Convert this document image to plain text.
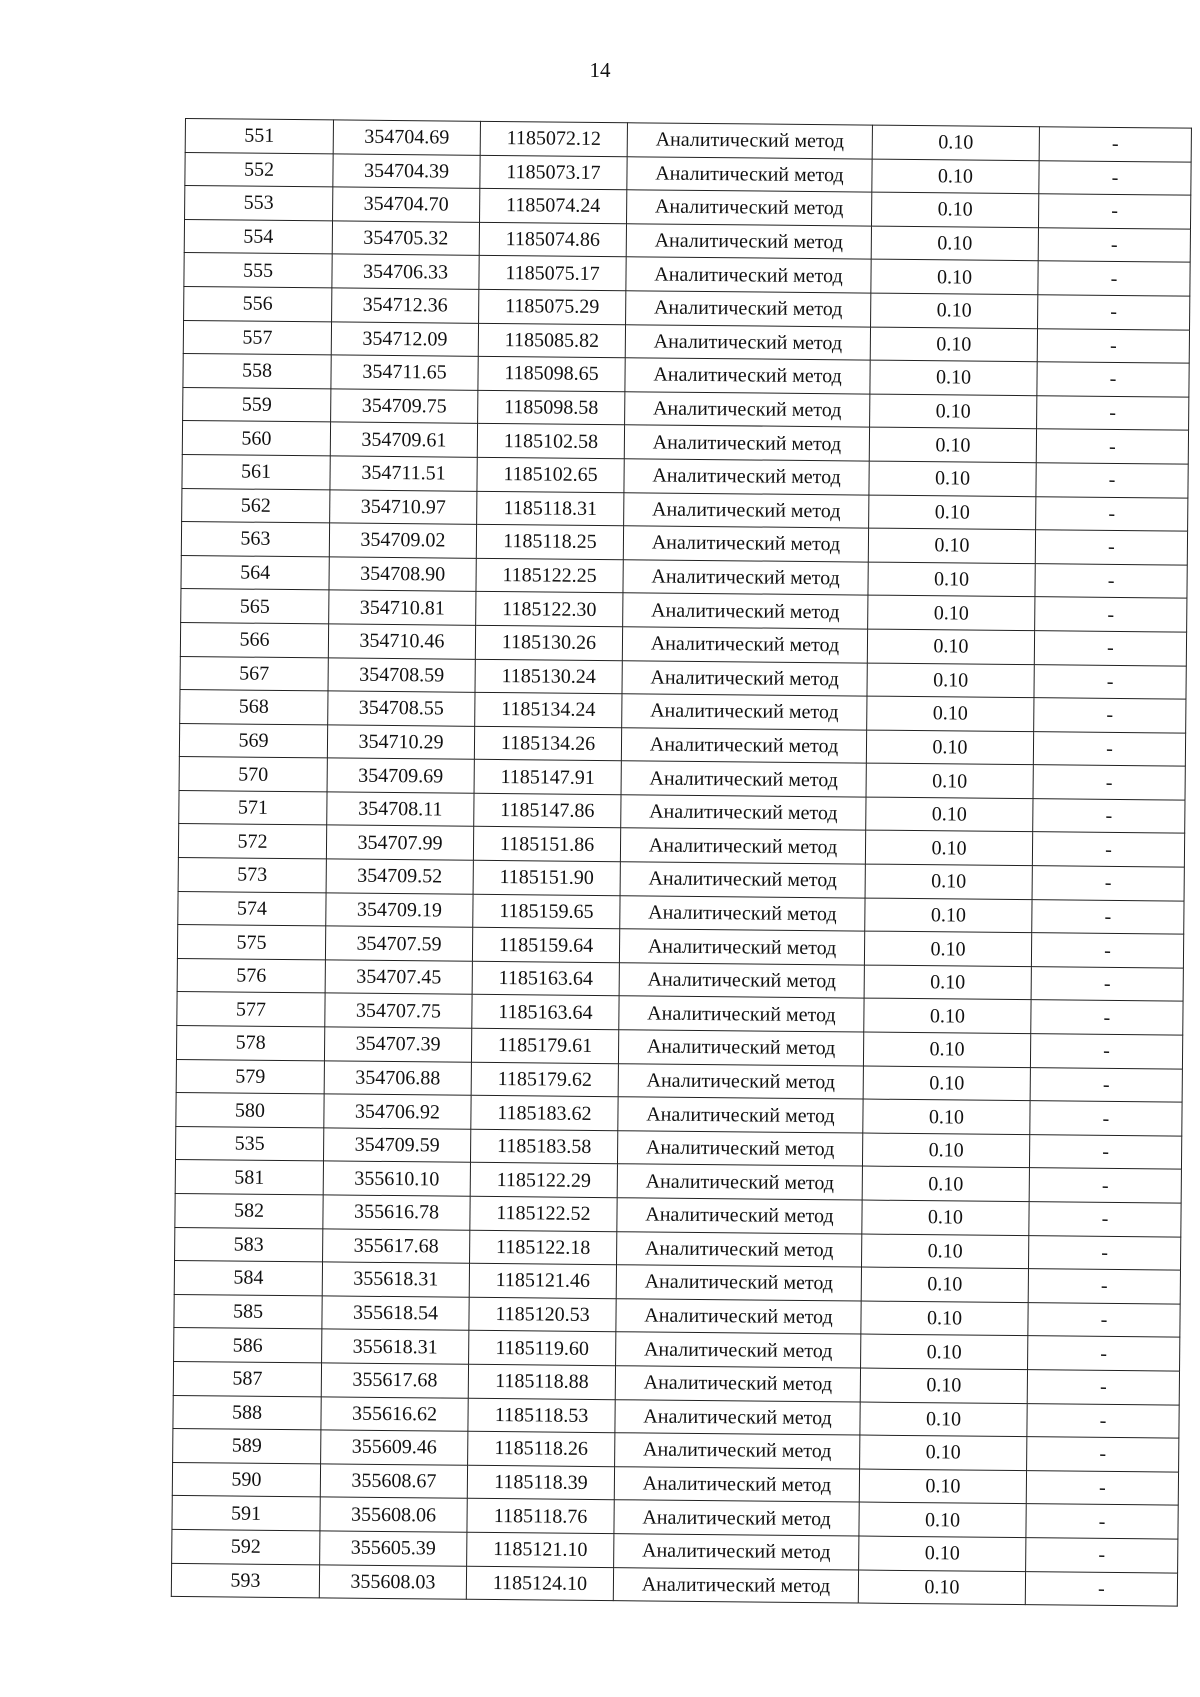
14
551	354704.69	1185072.12	Аналитический метод	0.10	-
552	354704.39	1185073.17	Аналитический метод	0.10	-
553	354704.70	1185074.24	Аналитический метод	0.10	-
554	354705.32	1185074.86	Аналитический метод	0.10	-
555	354706.33	1185075.17	Аналитический метод	0.10	-
556	354712.36	1185075.29	Аналитический метод	0.10	-
557	354712.09	1185085.82	Аналитический метод	0.10	-
558	354711.65	1185098.65	Аналитический метод	0.10	-
559	354709.75	1185098.58	Аналитический метод	0.10	-
560	354709.61	1185102.58	Аналитический метод	0.10	-
561	354711.51	1185102.65	Аналитический метод	0.10	-
562	354710.97	1185118.31	Аналитический метод	0.10	-
563	354709.02	1185118.25	Аналитический метод	0.10	-
564	354708.90	1185122.25	Аналитический метод	0.10	-
565	354710.81	1185122.30	Аналитический метод	0.10	-
566	354710.46	1185130.26	Аналитический метод	0.10	-
567	354708.59	1185130.24	Аналитический метод	0.10	-
568	354708.55	1185134.24	Аналитический метод	0.10	-
569	354710.29	1185134.26	Аналитический метод	0.10	-
570	354709.69	1185147.91	Аналитический метод	0.10	-
571	354708.11	1185147.86	Аналитический метод	0.10	-
572	354707.99	1185151.86	Аналитический метод	0.10	-
573	354709.52	1185151.90	Аналитический метод	0.10	-
574	354709.19	1185159.65	Аналитический метод	0.10	-
575	354707.59	1185159.64	Аналитический метод	0.10	-
576	354707.45	1185163.64	Аналитический метод	0.10	-
577	354707.75	1185163.64	Аналитический метод	0.10	-
578	354707.39	1185179.61	Аналитический метод	0.10	-
579	354706.88	1185179.62	Аналитический метод	0.10	-
580	354706.92	1185183.62	Аналитический метод	0.10	-
535	354709.59	1185183.58	Аналитический метод	0.10	-
581	355610.10	1185122.29	Аналитический метод	0.10	-
582	355616.78	1185122.52	Аналитический метод	0.10	-
583	355617.68	1185122.18	Аналитический метод	0.10	-
584	355618.31	1185121.46	Аналитический метод	0.10	-
585	355618.54	1185120.53	Аналитический метод	0.10	-
586	355618.31	1185119.60	Аналитический метод	0.10	-
587	355617.68	1185118.88	Аналитический метод	0.10	-
588	355616.62	1185118.53	Аналитический метод	0.10	-
589	355609.46	1185118.26	Аналитический метод	0.10	-
590	355608.67	1185118.39	Аналитический метод	0.10	-
591	355608.06	1185118.76	Аналитический метод	0.10	-
592	355605.39	1185121.10	Аналитический метод	0.10	-
593	355608.03	1185124.10	Аналитический метод	0.10	-
